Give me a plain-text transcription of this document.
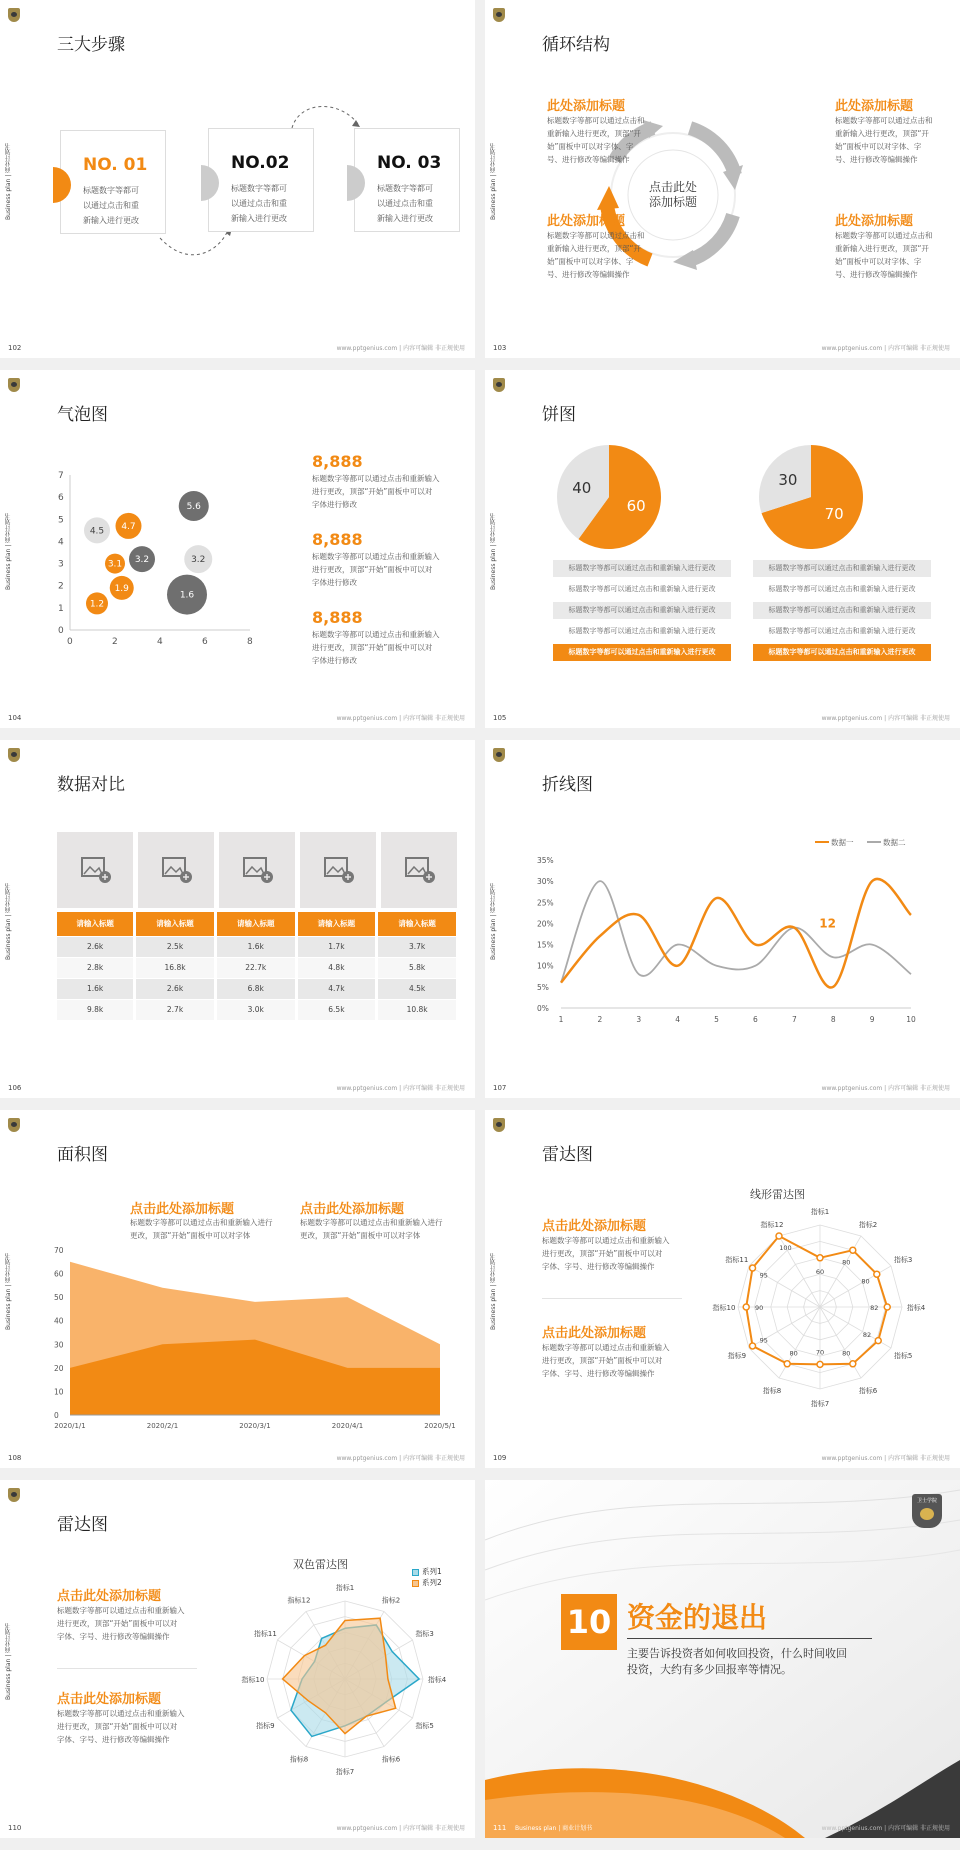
Business plan | 商业计划书
三大步骤
NO. 01
标题数字等都可
以通过点击和重
新输入进行更改
NO.02
标题数字等都可
以通过点击和重
新输入进行更改
NO. 03
标题数字等都可
以通过点击和重
新输入进行更改
102	www.pptgenius.com | 内容可编辑 非正规使用
Business plan | 商业计划书
循环结构
点击此处
添加标题
此处添加标题
标题数字等都可以通过点击和
重新输入进行更改，顶部“开
始”面板中可以对字体、字
号、进行修改等编辑操作
此处添加标题
标题数字等都可以通过点击和
重新输入进行更改，顶部“开
始”面板中可以对字体、字
号、进行修改等编辑操作
此处添加标题
标题数字等都可以通过点击和
重新输入进行更改，顶部“开
始”面板中可以对字体、字
号、进行修改等编辑操作
此处添加标题
标题数字等都可以通过点击和
重新输入进行更改，顶部“开
始”面板中可以对字体、字
号、进行修改等编辑操作
103	www.pptgenius.com | 内容可编辑 非正规使用
Business plan | 商业计划书
气泡图
0
1
2
3
4
5
6
7
0	2	4	6	8
1.2
1.9
3.1 3.2
4.5 4.7
5.6
1.6
3.2
8,888
标题数字等都可以通过点击和重新输入
进行更改，顶部“开始”面板中可以对
字体进行修改
8,888
标题数字等都可以通过点击和重新输入
进行更改，顶部“开始”面板中可以对
字体进行修改
8,888
标题数字等都可以通过点击和重新输入
进行更改，顶部“开始”面板中可以对
字体进行修改
104	www.pptgenius.com | 内容可编辑 非正规使用
Business plan | 商业计划书
饼图
60
40
70
30
标题数字等都可以通过点击和重新输入进行更改
标题数字等都可以通过点击和重新输入进行更改
标题数字等都可以通过点击和重新输入进行更改
标题数字等都可以通过点击和重新输入进行更改
标题数字等都可以通过点击和重新输入进行更改
标题数字等都可以通过点击和重新输入进行更改
标题数字等都可以通过点击和重新输入进行更改
标题数字等都可以通过点击和重新输入进行更改
标题数字等都可以通过点击和重新输入进行更改
标题数字等都可以通过点击和重新输入进行更改
105	www.pptgenius.com | 内容可编辑 非正规使用
Business plan | 商业计划书
数据对比
请输入标题	请输入标题	请输入标题	请输入标题	请输入标题
2.6k	2.5k	1.6k	1.7k	3.7k
2.8k	16.8k	22.7k	4.8k	5.8k
1.6k	2.6k	6.8k	4.7k	4.5k
9.8k	2.7k	3.0k	6.5k	10.8k
106	www.pptgenius.com | 内容可编辑 非正规使用
Business plan | 商业计划书
折线图
0%
5%
10%
15%
20%
25%
30%
35%
1	2	3	4	5	6	7	8	9	10
12
数据一	数据二
107	www.pptgenius.com | 内容可编辑 非正规使用
Business plan | 商业计划书
面积图
点击此处添加标题
标题数字等都可以通过点击和重新输入进行
更改，顶部“开始”面板中可以对字体
点击此处添加标题
标题数字等都可以通过点击和重新输入进行
更改，顶部“开始”面板中可以对字体
0
10
20
30
40
50
60
70
2020/1/1	2020/2/1	2020/3/1	2020/4/1	2020/5/1
108	www.pptgenius.com | 内容可编辑 非正规使用
Business plan | 商业计划书
雷达图
点击此处添加标题
标题数字等都可以通过点击和重新输入
进行更改，顶部“开始”面板中可以对
字体、字号、进行修改等编辑操作
点击此处添加标题
标题数字等都可以通过点击和重新输入
进行更改，顶部“开始”面板中可以对
字体、字号、进行修改等编辑操作
线形雷达图
指标1
指标2
指标3
指标4
指标5
指标6
指标7
指标8
指标9
指标10
指标11
指标12
60
80
80
82
82
80
70
80
95
90
95
100
109	www.pptgenius.com | 内容可编辑 非正规使用
Business plan | 商业计划书
雷达图
点击此处添加标题
标题数字等都可以通过点击和重新输入
进行更改，顶部“开始”面板中可以对
字体、字号、进行修改等编辑操作
点击此处添加标题
标题数字等都可以通过点击和重新输入
进行更改，顶部“开始”面板中可以对
字体、字号、进行修改等编辑操作
双色雷达图
指标1
指标2
指标3
指标4
指标5
指标6
指标7
指标8
指标9
指标10
指标11
指标12
系列1
系列2
110	www.pptgenius.com | 内容可编辑 非正规使用
卫士学院
10 资金的退出
主要告诉投资者如何收回投资，什么时间收回
投资，大约有多少回报率等情况。
111 Business plan | 商业计划书	www.pptgenius.com | 内容可编辑 非正规使用
